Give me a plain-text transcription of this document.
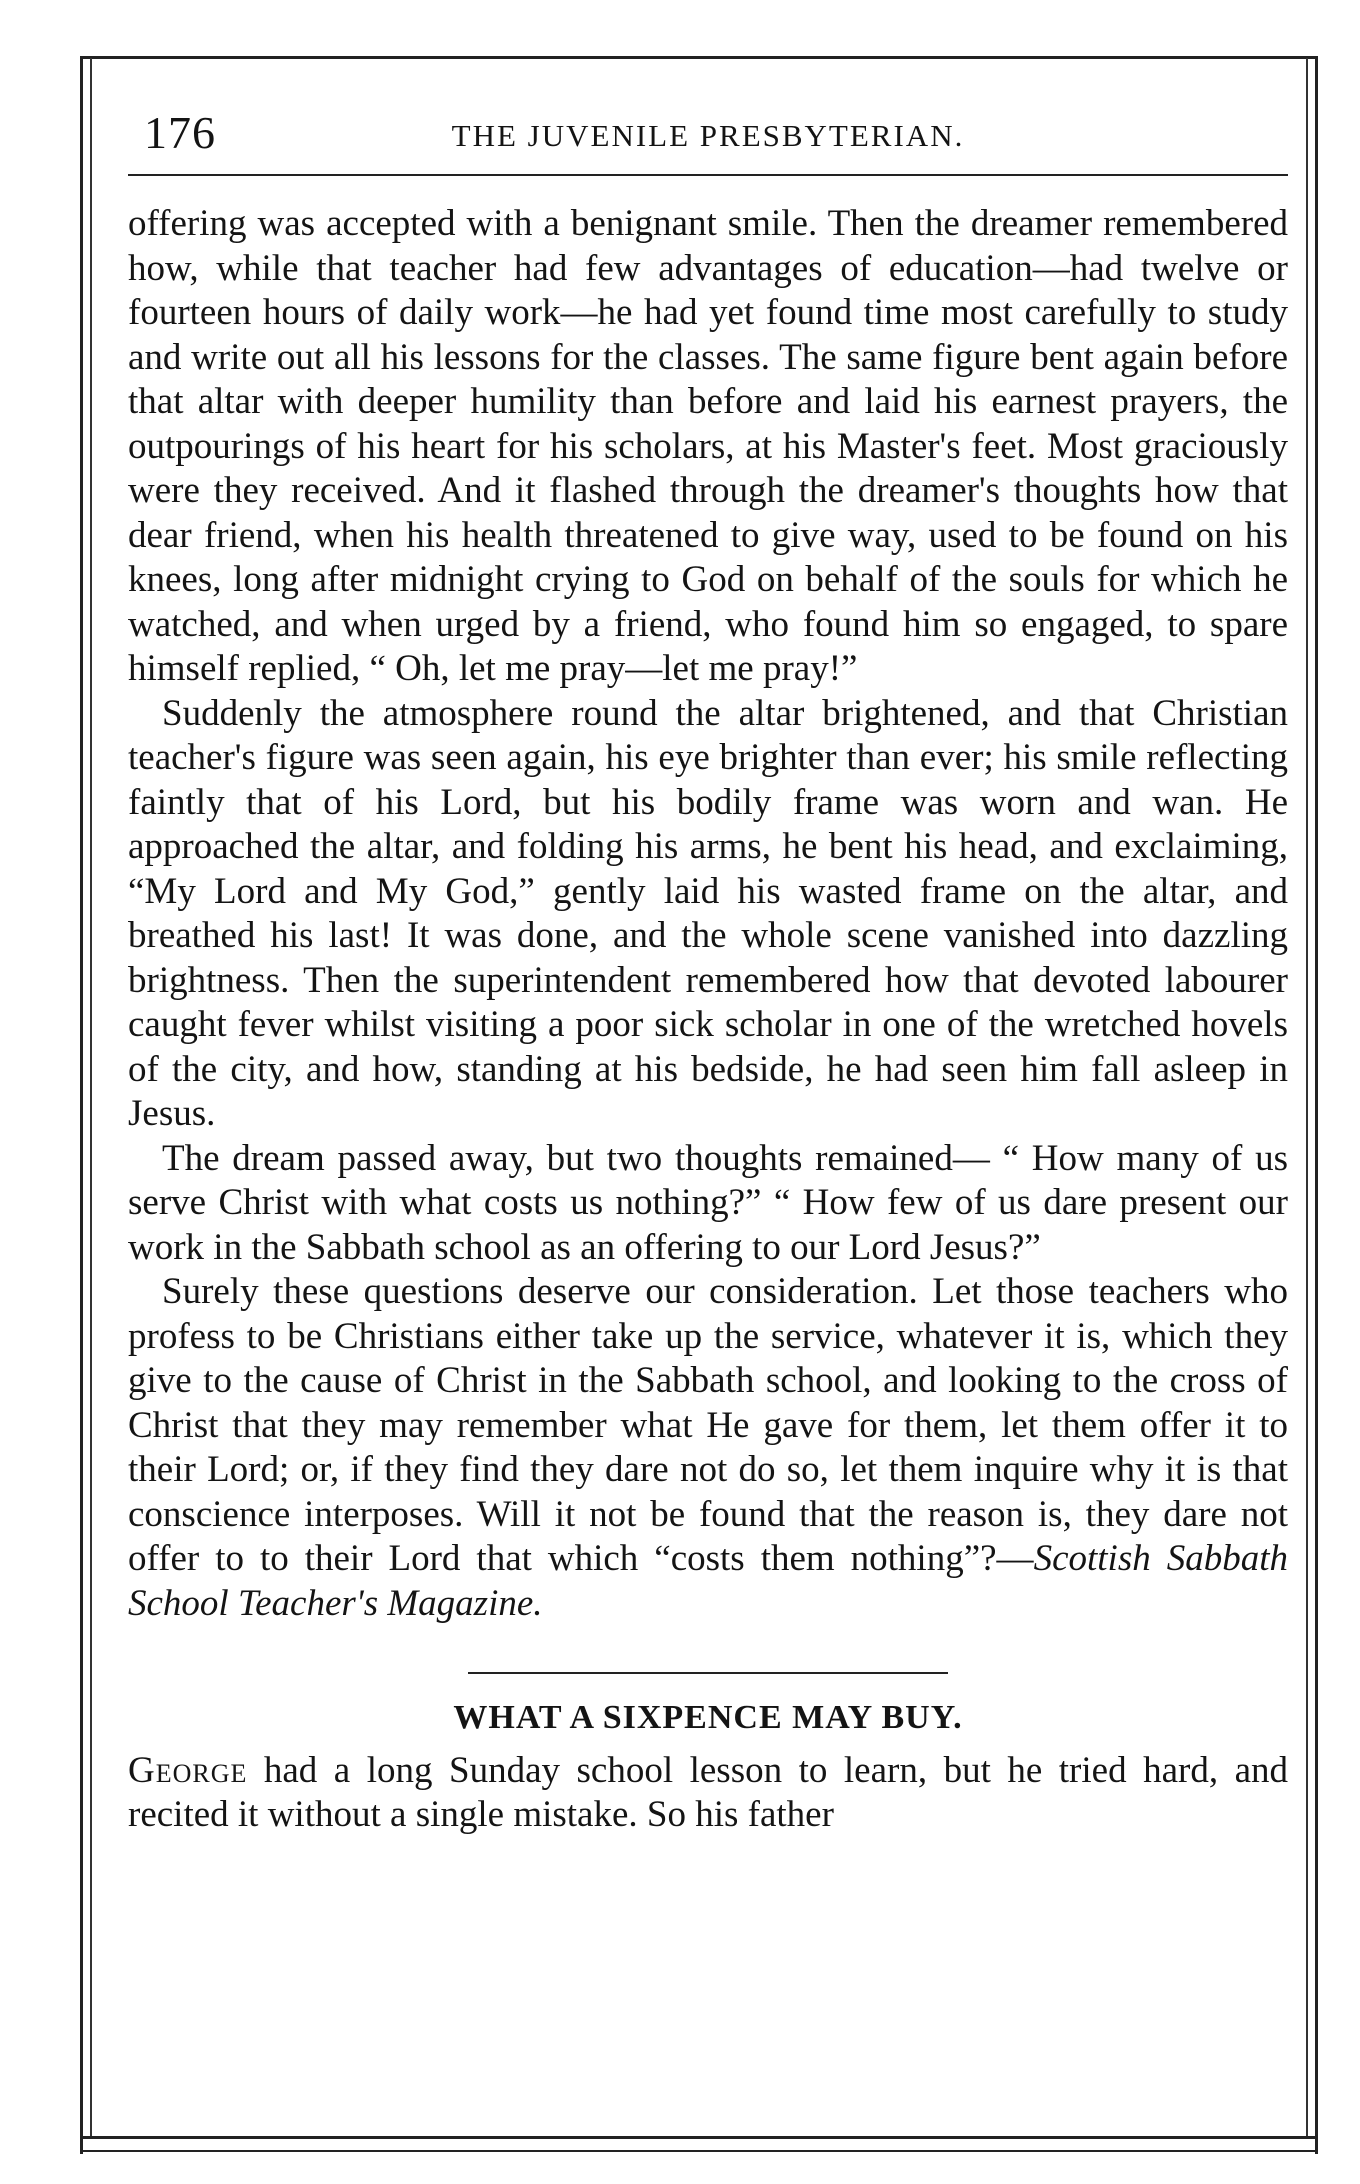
176	THE JUVENILE PRESBYTERIAN.

offering was accepted with a benignant smile. Then the dreamer remembered how, while that teacher had few advantages of education—had twelve or fourteen hours of daily work—he had yet found time most carefully to study and write out all his lessons for the classes. The same figure bent again before that altar with deeper humility than before and laid his earnest prayers, the outpourings of his heart for his scholars, at his Master's feet. Most graciously were they received. And it flashed through the dreamer's thoughts how that dear friend, when his health threatened to give way, used to be found on his knees, long after midnight crying to God on behalf of the souls for which he watched, and when urged by a friend, who found him so engaged, to spare himself replied, “ Oh, let me pray—let me pray!”

Suddenly the atmosphere round the altar brightened, and that Christian teacher's figure was seen again, his eye brighter than ever; his smile reflecting faintly that of his Lord, but his bodily frame was worn and wan. He approached the altar, and folding his arms, he bent his head, and exclaiming, “My Lord and My God,” gently laid his wasted frame on the altar, and breathed his last! It was done, and the whole scene vanished into dazzling brightness. Then the superintendent remembered how that devoted labourer caught fever whilst visiting a poor sick scholar in one of the wretched hovels of the city, and how, standing at his bedside, he had seen him fall asleep in Jesus.

The dream passed away, but two thoughts remained— “ How many of us serve Christ with what costs us nothing?” “ How few of us dare present our work in the Sabbath school as an offering to our Lord Jesus?”

Surely these questions deserve our consideration. Let those teachers who profess to be Christians either take up the service, whatever it is, which they give to the cause of Christ in the Sabbath school, and looking to the cross of Christ that they may remember what He gave for them, let them offer it to their Lord; or, if they find they dare not do so, let them inquire why it is that conscience interposes. Will it not be found that the reason is, they dare not offer to to their Lord that which “costs them nothing”?—Scottish Sabbath School Teacher's Magazine.

WHAT A SIXPENCE MAY BUY.

George had a long Sunday school lesson to learn, but he tried hard, and recited it without a single mistake. So his father
